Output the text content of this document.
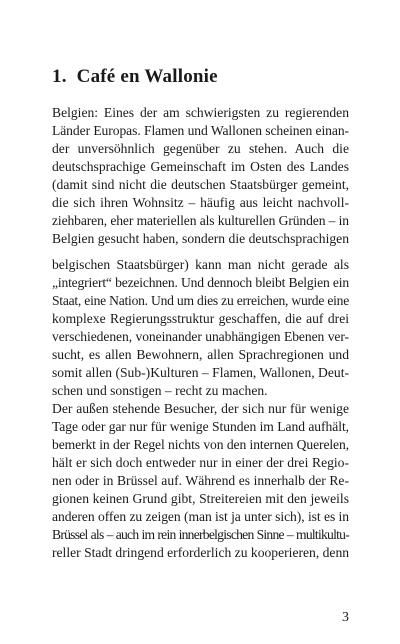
1. Café en Wallonie
Belgien: Eines der am schwierigsten zu regierenden
Länder Europas. Flamen und Wallonen scheinen einan-
der unversöhnlich gegenüber zu stehen. Auch die
deutschsprachige Gemeinschaft im Osten des Landes
(damit sind nicht die deutschen Staatsbürger gemeint,
die sich ihren Wohnsitz – häufig aus leicht nachvoll-
ziehbaren, eher materiellen als kulturellen Gründen – in
Belgien gesucht haben, sondern die deutschsprachigen
belgischen Staatsbürger) kann man nicht gerade als
„integriert“ bezeichnen. Und dennoch bleibt Belgien ein
Staat, eine Nation. Und um dies zu erreichen, wurde eine
komplexe Regierungsstruktur geschaffen, die auf drei
verschiedenen, voneinander unabhängigen Ebenen ver-
sucht, es allen Bewohnern, allen Sprachregionen und
somit allen (Sub-)Kulturen – Flamen, Wallonen, Deut-
schen und sonstigen – recht zu machen.
Der außen stehende Besucher, der sich nur für wenige
Tage oder gar nur für wenige Stunden im Land aufhält,
bemerkt in der Regel nichts von den internen Querelen,
hält er sich doch entweder nur in einer der drei Regio-
nen oder in Brüssel auf. Während es innerhalb der Re-
gionen keinen Grund gibt, Streitereien mit den jeweils
anderen offen zu zeigen (man ist ja unter sich), ist es in
Brüssel als – auch im rein innerbelgischen Sinne – multikultu-
reller Stadt dringend erforderlich zu kooperieren, denn
3
